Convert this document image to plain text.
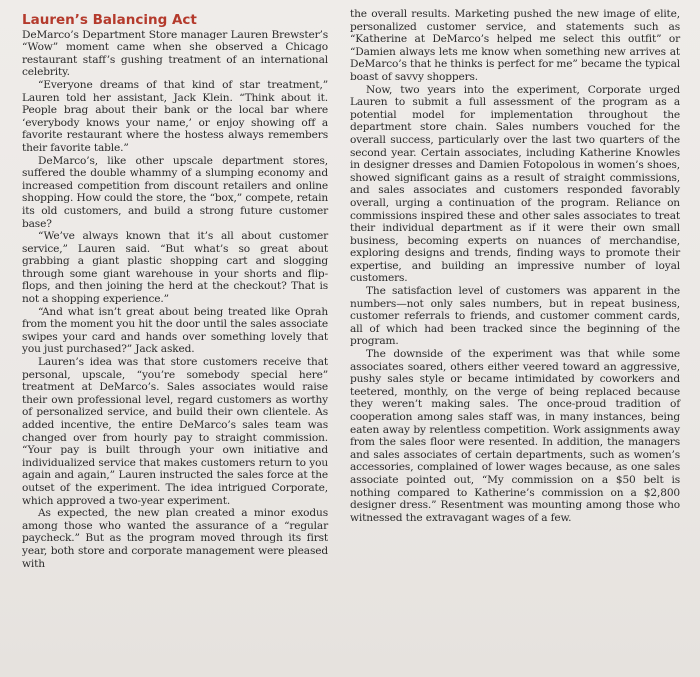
Lauren’s Balancing Act

DeMarco’s Department Store manager Lauren Brewster’s “Wow” moment came when she observed a Chicago restaurant staff’s gushing treatment of an international celebrity.

“Everyone dreams of that kind of star treatment,” Lauren told her assistant, Jack Klein. “Think about it. People brag about their bank or the local bar where ‘everybody knows your name,’ or enjoy showing off a favorite restaurant where the hostess always remembers their favorite table.”

DeMarco’s, like other upscale department stores, suffered the double whammy of a slumping economy and increased competition from discount retailers and online shopping. How could the store, the “box,” compete, retain its old customers, and build a strong future customer base?

“We’ve always known that it’s all about customer service,” Lauren said. “But what’s so great about grabbing a giant plastic shopping cart and slogging through some giant warehouse in your shorts and flip-flops, and then joining the herd at the checkout? That is not a shopping experience.”

“And what isn’t great about being treated like Oprah from the moment you hit the door until the sales associate swipes your card and hands over something lovely that you just purchased?” Jack asked.

Lauren’s idea was that store customers receive that personal, upscale, “you’re somebody special here” treatment at DeMarco’s. Sales associates would raise their own professional level, regard customers as worthy of personalized service, and build their own clientele. As added incentive, the entire DeMarco’s sales team was changed over from hourly pay to straight commission. “Your pay is built through your own initiative and individualized service that makes customers return to you again and again,” Lauren instructed the sales force at the outset of the experiment. The idea intrigued Corporate, which approved a two-year experiment.

As expected, the new plan created a minor exodus among those who wanted the assurance of a “regular paycheck.” But as the program moved through its first year, both store and corporate management were pleased with

the overall results. Marketing pushed the new image of elite, personalized customer service, and statements such as “Katherine at DeMarco’s helped me select this outfit” or “Damien always lets me know when something new arrives at DeMarco’s that he thinks is perfect for me” became the typical boast of savvy shoppers.

Now, two years into the experiment, Corporate urged Lauren to submit a full assessment of the program as a potential model for implementation throughout the department store chain. Sales numbers vouched for the overall success, particularly over the last two quarters of the second year. Certain associates, including Katherine Knowles in designer dresses and Damien Fotopolous in women’s shoes, showed significant gains as a result of straight commissions, and sales associates and customers responded favorably overall, urging a continuation of the program. Reliance on commissions inspired these and other sales associates to treat their individual department as if it were their own small business, becoming experts on nuances of merchandise, exploring designs and trends, finding ways to promote their expertise, and building an impressive number of loyal customers.

The satisfaction level of customers was apparent in the numbers—not only sales numbers, but in repeat business, customer referrals to friends, and customer comment cards, all of which had been tracked since the beginning of the program.

The downside of the experiment was that while some associates soared, others either veered toward an aggressive, pushy sales style or became intimidated by coworkers and teetered, monthly, on the verge of being replaced because they weren’t making sales. The once-proud tradition of cooperation among sales staff was, in many instances, being eaten away by relentless competition. Work assignments away from the sales floor were resented. In addition, the managers and sales associates of certain departments, such as women’s accessories, complained of lower wages because, as one sales associate pointed out, “My commission on a $50 belt is nothing compared to Katherine’s commission on a $2,800 designer dress.” Resentment was mounting among those who witnessed the extravagant wages of a few.
